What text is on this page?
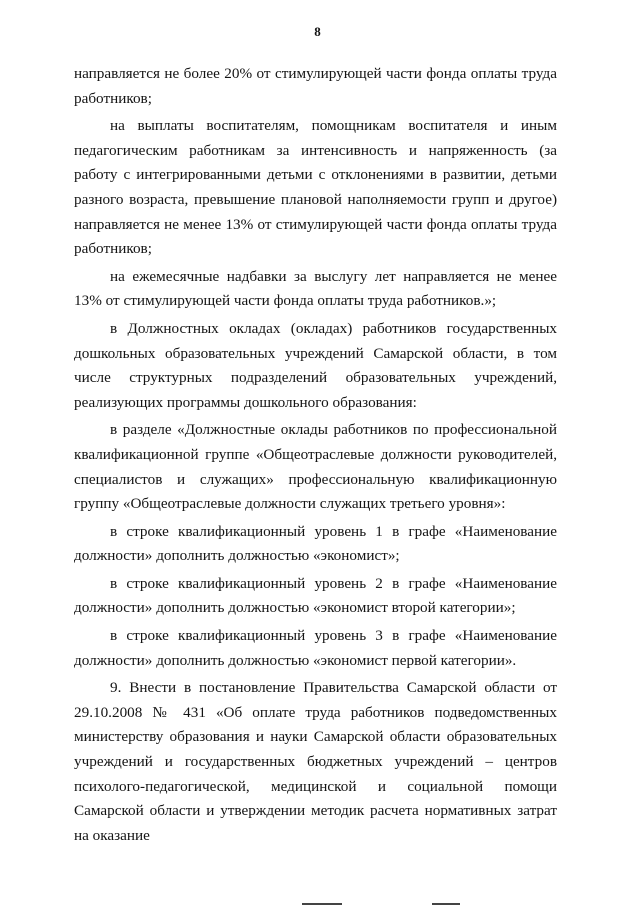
8

направляется не более 20% от стимулирующей части фонда оплаты труда работников;

на выплаты воспитателям, помощникам воспитателя и иным педагогическим работникам за интенсивность и напряженность (за работу с интегрированными детьми с отклонениями в развитии, детьми разного возраста, превышение плановой наполняемости групп и другое) направляется не менее 13% от стимулирующей части фонда оплаты труда работников;

на ежемесячные надбавки за выслугу лет направляется не менее 13% от стимулирующей части фонда оплаты труда работников.»;

в Должностных окладах (окладах) работников государственных дошкольных образовательных учреждений Самарской области, в том числе структурных подразделений образовательных учреждений, реализующих программы дошкольного образования:

в разделе «Должностные оклады работников по профессиональной квалификационной группе «Общеотраслевые должности руководителей, специалистов и служащих» профессиональную квалификационную группу «Общеотраслевые должности служащих третьего уровня»:

в строке квалификационный уровень 1 в графе «Наименование должности» дополнить должностью «экономист»;

в строке квалификационный уровень 2 в графе «Наименование должности» дополнить должностью «экономист второй категории»;

в строке квалификационный уровень 3 в графе «Наименование должности» дополнить должностью «экономист первой категории».

9. Внести в постановление Правительства Самарской области от 29.10.2008 № 431 «Об оплате труда работников подведомственных министерству образования и науки Самарской области образовательных учреждений и государственных бюджетных учреждений – центров психолого-педагогической, медицинской и социальной помощи Самарской области и утверждении методик расчета нормативных затрат на оказание
